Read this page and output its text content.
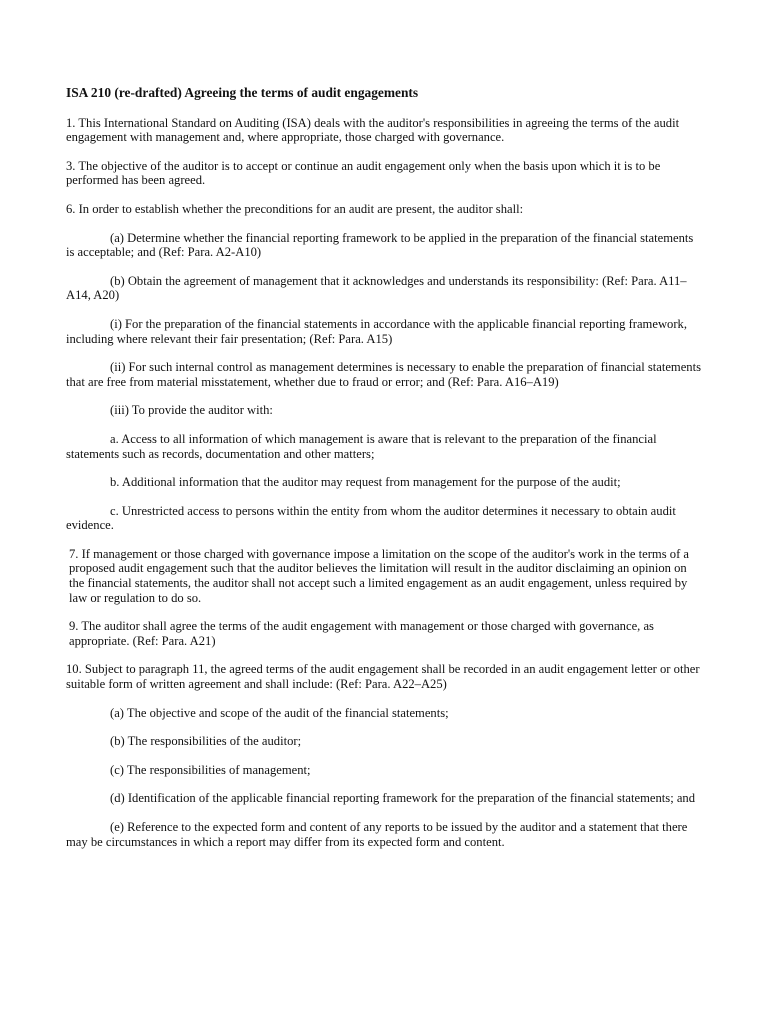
ISA 210 (re-drafted) Agreeing the terms of audit engagements

1. This International Standard on Auditing (ISA) deals with the auditor's responsibilities in agreeing the terms of the audit engagement with management and, where appropriate, those charged with governance.

3. The objective of the auditor is to accept or continue an audit engagement only when the basis upon which it is to be performed has been agreed.

6. In order to establish whether the preconditions for an audit are present, the auditor shall:

(a) Determine whether the financial reporting framework to be applied in the preparation of the financial statements is acceptable; and (Ref: Para. A2-A10)

(b) Obtain the agreement of management that it acknowledges and understands its responsibility: (Ref: Para. A11–A14, A20)

(i) For the preparation of the financial statements in accordance with the applicable financial reporting framework, including where relevant their fair presentation; (Ref: Para. A15)

(ii) For such internal control as management determines is necessary to enable the preparation of financial statements that are free from material misstatement, whether due to fraud or error; and (Ref: Para. A16–A19)

(iii) To provide the auditor with:

a. Access to all information of which management is aware that is relevant to the preparation of the financial statements such as records, documentation and other matters;

b. Additional information that the auditor may request from management for the purpose of the audit;

c. Unrestricted access to persons within the entity from whom the auditor determines it necessary to obtain audit evidence.

7. If management or those charged with governance impose a limitation on the scope of the auditor's work in the terms of a proposed audit engagement such that the auditor believes the limitation will result in the auditor disclaiming an opinion on the financial statements, the auditor shall not accept such a limited engagement as an audit engagement, unless required by law or regulation to do so.

9. The auditor shall agree the terms of the audit engagement with management or those charged with governance, as appropriate. (Ref: Para. A21)

10. Subject to paragraph 11, the agreed terms of the audit engagement shall be recorded in an audit engagement letter or other suitable form of written agreement and shall include: (Ref: Para. A22–A25)

(a) The objective and scope of the audit of the financial statements;

(b) The responsibilities of the auditor;

(c) The responsibilities of management;

(d) Identification of the applicable financial reporting framework for the preparation of the financial statements; and

(e) Reference to the expected form and content of any reports to be issued by the auditor and a statement that there may be circumstances in which a report may differ from its expected form and content.
